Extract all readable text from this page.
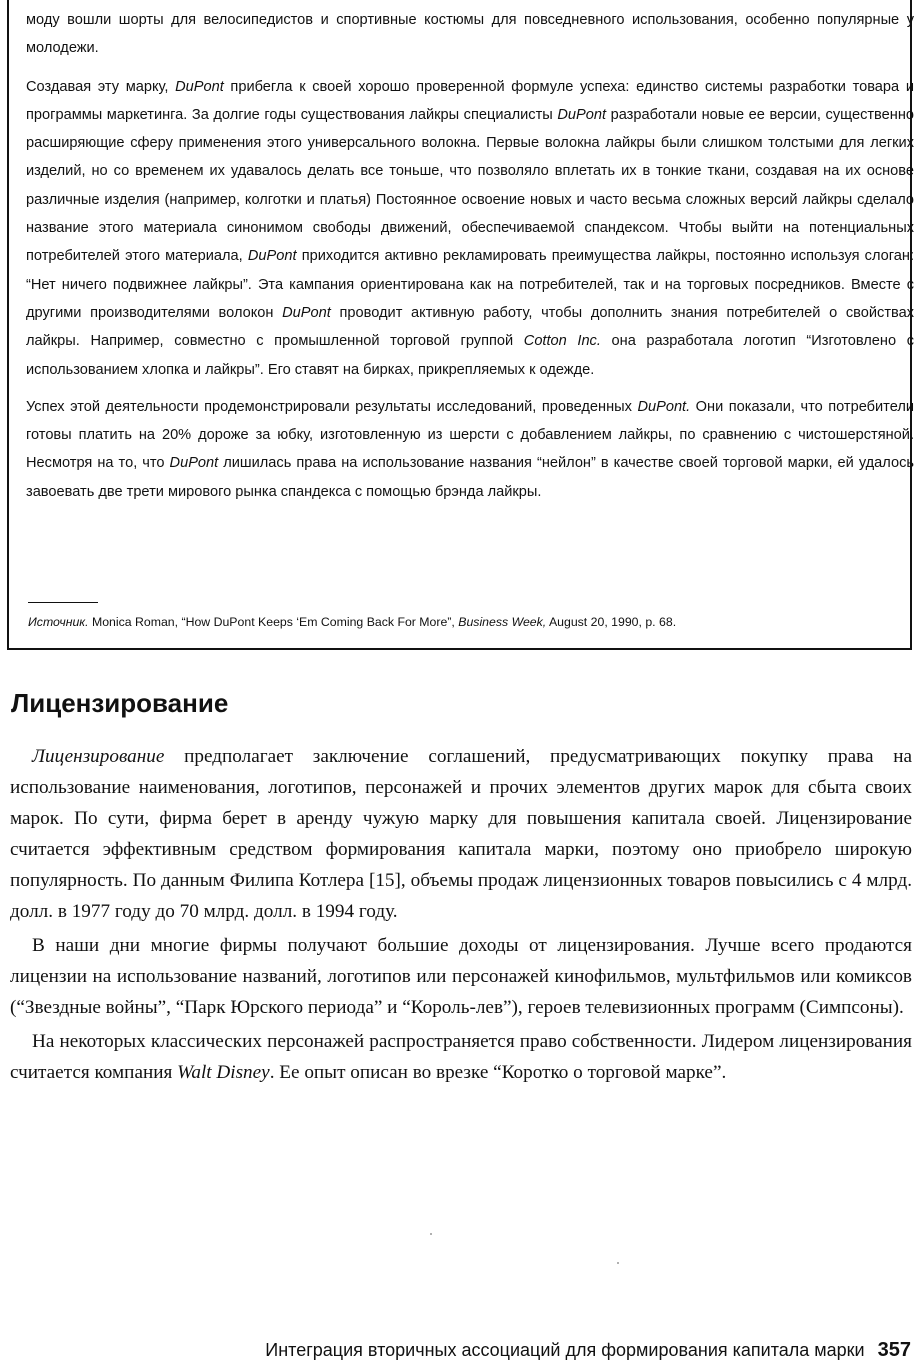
моду вошли шорты для велосипедистов и спортивные костюмы для повседневного использования, особенно популярные у молодежи.

Создавая эту марку, DuPont прибегла к своей хорошо проверенной формуле успеха: единство системы разработки товара и программы маркетинга. За долгие годы существования лайкры специалисты DuPont разработали новые ее версии, существенно расширяющие сферу применения этого универсального волокна. Первые волокна лайкры были слишком толстыми для легких изделий, но со временем их удавалось делать все тоньше, что позволяло вплетать их в тонкие ткани, создавая на их основе различные изделия (например, колготки и платья) Постоянное освоение новых и часто весьма сложных версий лайкры сделало название этого материала синонимом свободы движений, обеспечиваемой спандексом. Чтобы выйти на потенциальных потребителей этого материала, DuPont приходится активно рекламировать преимущества лайкры, постоянно используя слоган: “Нет ничего подвижнее лайкры”. Эта кампания ориентирована как на потребителей, так и на торговых посредников. Вместе с другими производителями волокон DuPont проводит активную работу, чтобы дополнить знания потребителей о свойствах лайкры. Например, совместно с промышленной торговой группой Cotton Inc. она разработала логотип “Изготовлено с использованием хлопка и лайкры”. Его ставят на бирках, прикрепляемых к одежде.

Успех этой деятельности продемонстрировали результаты исследований, проведенных DuPont. Они показали, что потребители готовы платить на 20% дороже за юбку, изготовленную из шерсти с добавлением лайкры, по сравнению с чистошерстяной. Несмотря на то, что DuPont лишилась права на использование названия “нейлон” в качестве своей торговой марки, ей удалось завоевать две трети мирового рынка спандекса с помощью брэнда лайкры.

Источник. Monica Roman, “How DuPont Keeps ‘Em Coming Back For More”, Business Week, August 20, 1990, p. 68.
Лицензирование

Лицензирование предполагает заключение соглашений, предусматривающих покупку права на использование наименования, логотипов, персонажей и прочих элементов других марок для сбыта своих марок. По сути, фирма берет в аренду чужую марку для повышения капитала своей. Лицензирование считается эффективным средством формирования капитала марки, поэтому оно приобрело широкую популярность. По данным Филипа Котлера [15], объемы продаж лицензионных товаров повысились с 4 млрд. долл. в 1977 году до 70 млрд. долл. в 1994 году.

В наши дни многие фирмы получают большие доходы от лицензирования. Лучше всего продаются лицензии на использование названий, логотипов или персонажей кинофильмов, мультфильмов или комиксов (“Звездные войны”, “Парк Юрского периода” и “Король-лев”), героев телевизионных программ (Симпсоны).

На некоторых классических персонажей распространяется право собственности. Лидером лицензирования считается компания Walt Disney. Ее опыт описан во врезке “Коротко о торговой марке”.

Интеграция вторичных ассоциаций для формирования капитала марки 357
